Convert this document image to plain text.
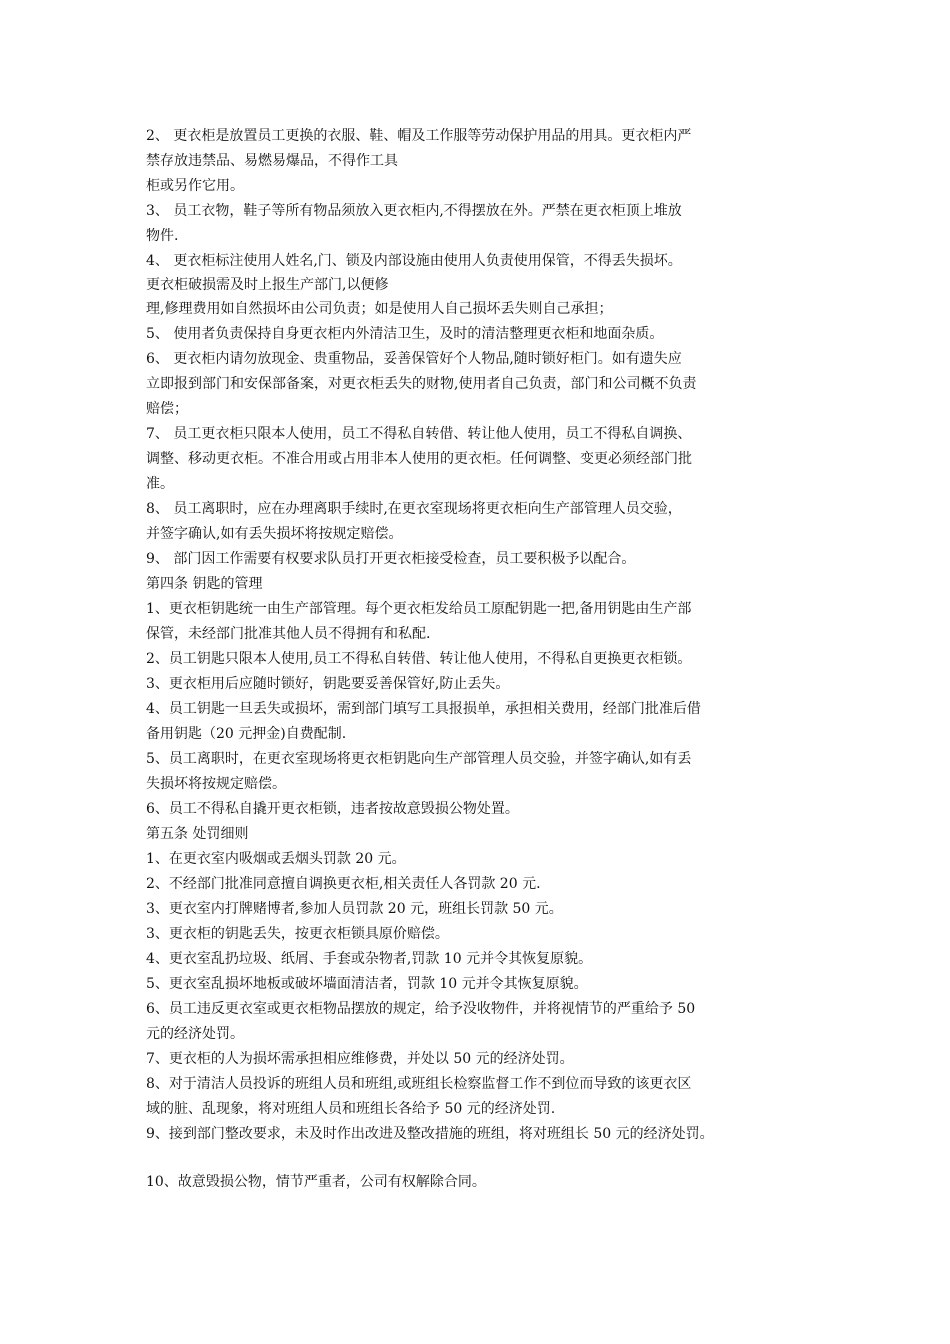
2、 更衣柜是放置员工更换的衣服、鞋、帽及工作服等劳动保护用品的用具。更衣柜内严
禁存放违禁品、易燃易爆品，不得作工具
柜或另作它用。
3、 员工衣物，鞋子等所有物品须放入更衣柜内,不得摆放在外。严禁在更衣柜顶上堆放
物件.
4、 更衣柜标注使用人姓名,门、锁及内部设施由使用人负责使用保管，不得丢失损坏。
更衣柜破损需及时上报生产部门,以便修
理,修理费用如自然损坏由公司负责；如是使用人自己损坏丢失则自己承担；
5、 使用者负责保持自身更衣柜内外清洁卫生，及时的清洁整理更衣柜和地面杂质。
6、 更衣柜内请勿放现金、贵重物品，妥善保管好个人物品,随时锁好柜门。如有遗失应
立即报到部门和安保部备案，对更衣柜丢失的财物,使用者自己负责，部门和公司概不负责
赔偿；
7、 员工更衣柜只限本人使用，员工不得私自转借、转让他人使用，员工不得私自调换、
调整、移动更衣柜。不准合用或占用非本人使用的更衣柜。任何调整、变更必须经部门批
准。
8、 员工离职时，应在办理离职手续时,在更衣室现场将更衣柜向生产部管理人员交验，
并签字确认,如有丢失损坏将按规定赔偿。
9、 部门因工作需要有权要求队员打开更衣柜接受检查，员工要积极予以配合。
第四条 钥匙的管理
1、更衣柜钥匙统一由生产部管理。每个更衣柜发给员工原配钥匙一把,备用钥匙由生产部
保管，未经部门批准其他人员不得拥有和私配.
2、员工钥匙只限本人使用,员工不得私自转借、转让他人使用，不得私自更换更衣柜锁。
3、更衣柜用后应随时锁好，钥匙要妥善保管好,防止丢失。
4、员工钥匙一旦丢失或损坏，需到部门填写工具报损单，承担相关费用，经部门批准后借
备用钥匙（20 元押金)自费配制.
5、员工离职时，在更衣室现场将更衣柜钥匙向生产部管理人员交验，并签字确认,如有丢
失损坏将按规定赔偿。
6、员工不得私自撬开更衣柜锁，违者按故意毁损公物处置。
第五条 处罚细则
1、在更衣室内吸烟或丢烟头罚款 20 元。
2、不经部门批准同意擅自调换更衣柜,相关责任人各罚款 20 元.
3、更衣室内打牌赌博者,参加人员罚款 20 元，班组长罚款 50 元。
3、更衣柜的钥匙丢失，按更衣柜锁具原价赔偿。
4、更衣室乱扔垃圾、纸屑、手套或杂物者,罚款 10 元并令其恢复原貌。
5、更衣室乱损坏地板或破坏墙面清洁者，罚款 10 元并令其恢复原貌。
6、员工违反更衣室或更衣柜物品摆放的规定，给予没收物件，并将视情节的严重给予 50
元的经济处罚。
7、更衣柜的人为损坏需承担相应维修费，并处以 50 元的经济处罚。
8、对于清洁人员投诉的班组人员和班组,或班组长检察监督工作不到位而导致的该更衣区
域的脏、乱现象，将对班组人员和班组长各给予 50 元的经济处罚.
9、接到部门整改要求，未及时作出改进及整改措施的班组，将对班组长 50 元的经济处罚。
10、故意毁损公物，情节严重者，公司有权解除合同。
